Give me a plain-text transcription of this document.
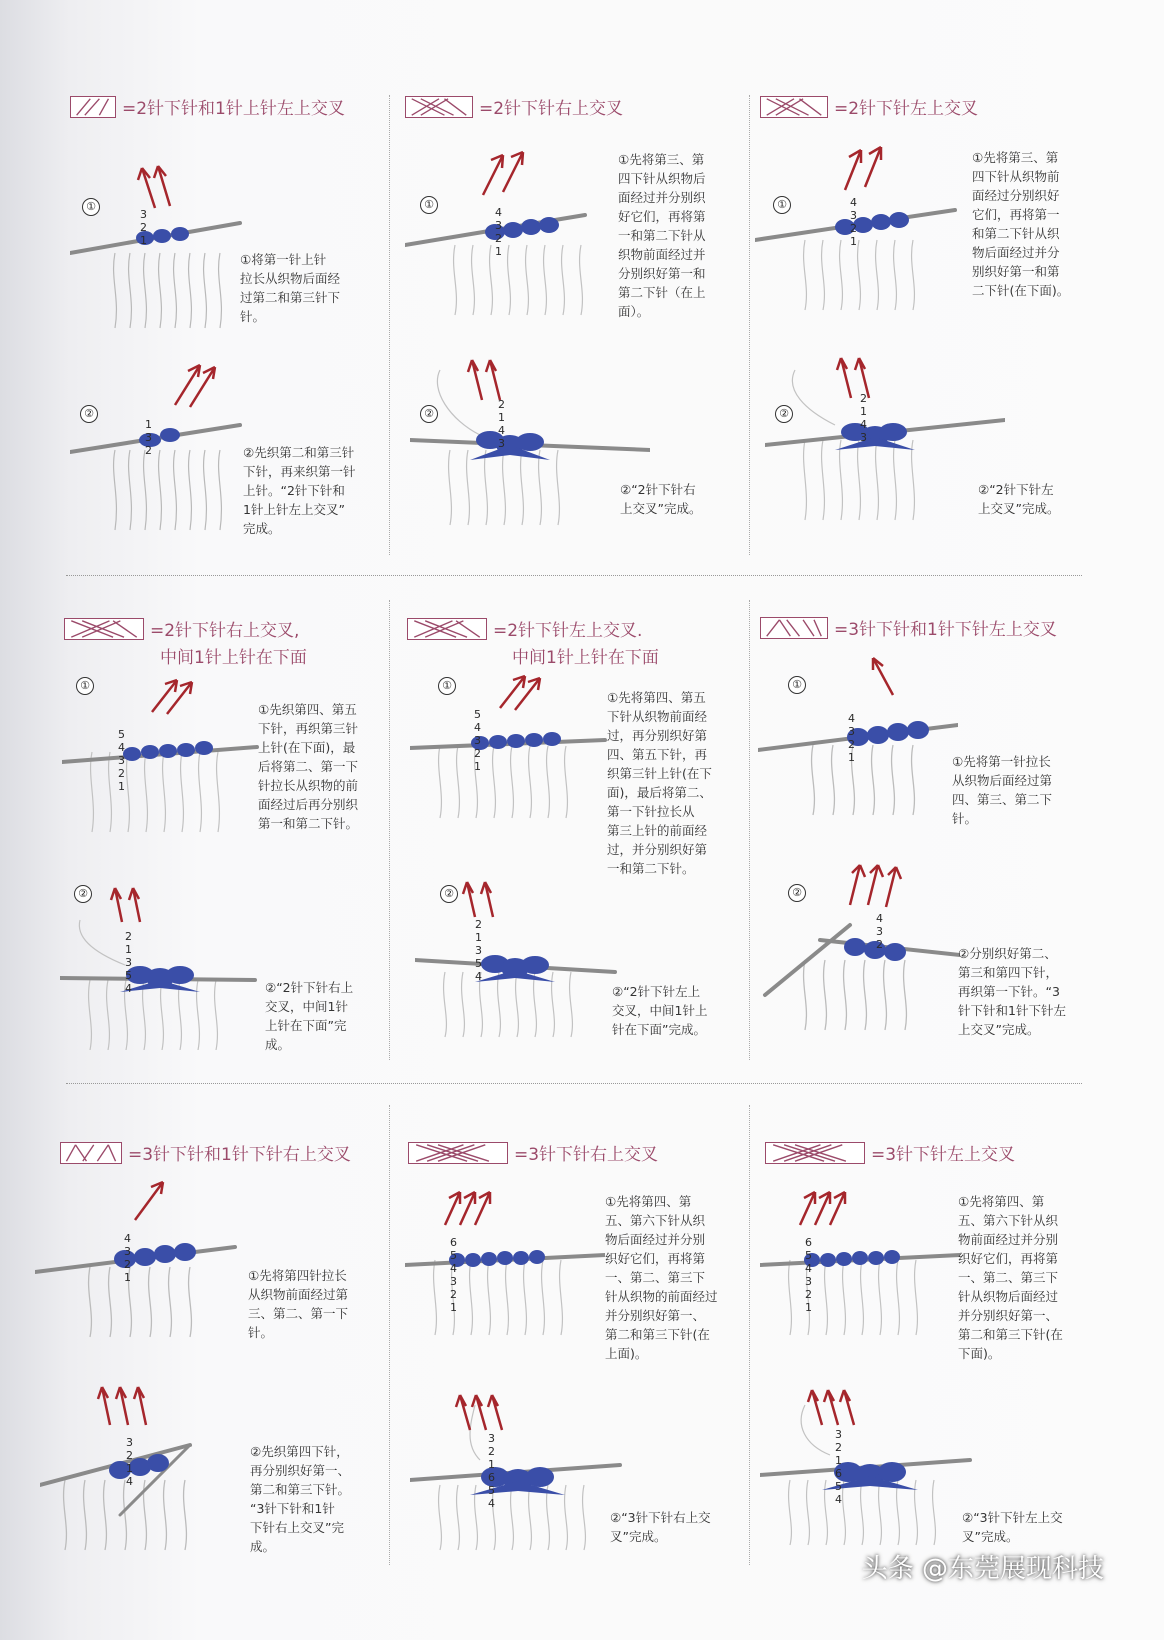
=2针下针和1针上针左上交叉
①
3 2 1
①将第一针上针
拉长从织物后面经
过第二和第三针下
针。
②
1 3 2	②先织第二和第三针
下针，再来织第一针
上针。“2针下针和
1针上针左上交叉”
完成。
=2针下针右上交叉
①
4 3 2 1
①先将第三、第
四下针从织物后
面经过并分别织
好它们，再将第
一和第二下针从
织物前面经过并
分别织好第一和
第二下针（在上
面）。
②
2 1 4 3
②“2针下针右
上交叉”完成。
=2针下针左上交叉
①	4 3 2 1
①先将第三、第
四下针从织物前
面经过分别织好
它们，再将第一
和第二下针从织
物后面经过并分
别织好第一和第
二下针(在下面)。
②
2 1 4 3
②“2针下针左
上交叉”完成。
=2针下针右上交叉,
中间1针上针在下面
①
5 4 3 2 1
①先织第四、第五
下针，再织第三针
上针(在下面)，最
后将第二、第一下
针拉长从织物的前
面经过后再分别织
第一和第二下针。
②
2 1 3 5 4	②“2针下针右上
交叉，中间1针
上针在下面”完
成。
=2针下针左上交叉.
中间1针上针在下面
①
5 4 3 2 1
①先将第四、第五
下针从织物前面经
过，再分别织好第
四、第五下针，再
织第三针上针(在下
面)，最后将第二、
第一下针拉长从
第三上针的前面经
过，并分别织好第
一和第二下针。
②
2 1 3 5 4
②“2针下针左上
交叉，中间1针上
针在下面”完成。
=3针下针和1针下针左上交叉
①
4 3 2 1	①先将第一针拉长
从织物后面经过第
四、第三、第二下
针。
②
4 3 2
②分别织好第二、
第三和第四下针，
再织第一下针。“3
针下针和1针下针左
上交叉”完成。
=3针下针和1针下针右上交叉
4 3 2 1	①先将第四针拉长
从织物前面经过第
三、第二、第一下
针。
3 2 1 4
②先织第四下针，
再分别织好第一、
第二和第三下针。
“3针下针和1针
下针右上交叉”完
成。
=3针下针右上交叉
6 5 4 3 2 1
①先将第四、第
五、第六下针从织
物后面经过并分别
织好它们，再将第
一、第二、第三下
针从织物的前面经过
并分别织好第一、
第二和第三下针(在
上面)。
3 2 1 6 5 4
②“3针下针右上交
叉”完成。
=3针下针左上交叉
6 5 4 3 2 1
①先将第四、第
五、第六下针从织
物前面经过并分别
织好它们，再将第
一、第二、第三下
针从织物后面经过
并分别织好第一、
第二和第三下针(在
下面)。
3 2 1 6 5 4
②“3针下针左上交
叉”完成。
头条 @东莞展现科技
